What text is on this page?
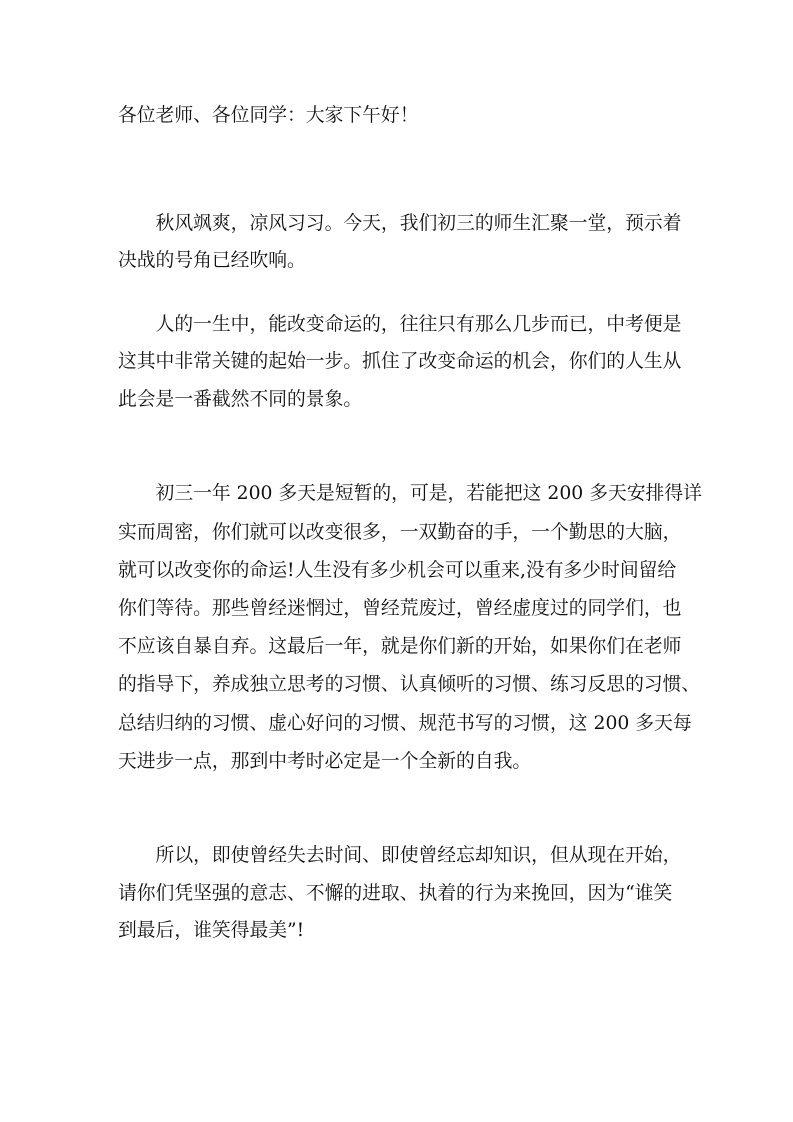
各位老师、各位同学：大家下午好！
　　秋风飒爽，凉风习习。今天，我们初三的师生汇聚一堂，预示着
决战的号角已经吹响。
　　人的一生中，能改变命运的，往往只有那么几步而已，中考便是
这其中非常关键的起始一步。抓住了改变命运的机会，你们的人生从
此会是一番截然不同的景象。
　　初三一年 200 多天是短暂的，可是，若能把这 200 多天安排得详
实而周密，你们就可以改变很多，一双勤奋的手，一个勤思的大脑，
就可以改变你的命运!人生没有多少机会可以重来,没有多少时间留给
你们等待。那些曾经迷惘过，曾经荒废过，曾经虚度过的同学们，也
不应该自暴自弃。这最后一年，就是你们新的开始，如果你们在老师
的指导下，养成独立思考的习惯、认真倾听的习惯、练习反思的习惯、
总结归纳的习惯、虚心好问的习惯、规范书写的习惯，这 200 多天每
天进步一点，那到中考时必定是一个全新的自我。
　　所以，即使曾经失去时间、即使曾经忘却知识，但从现在开始，
请你们凭坚强的意志、不懈的进取、执着的行为来挽回，因为“谁笑
到最后，谁笑得最美”!
